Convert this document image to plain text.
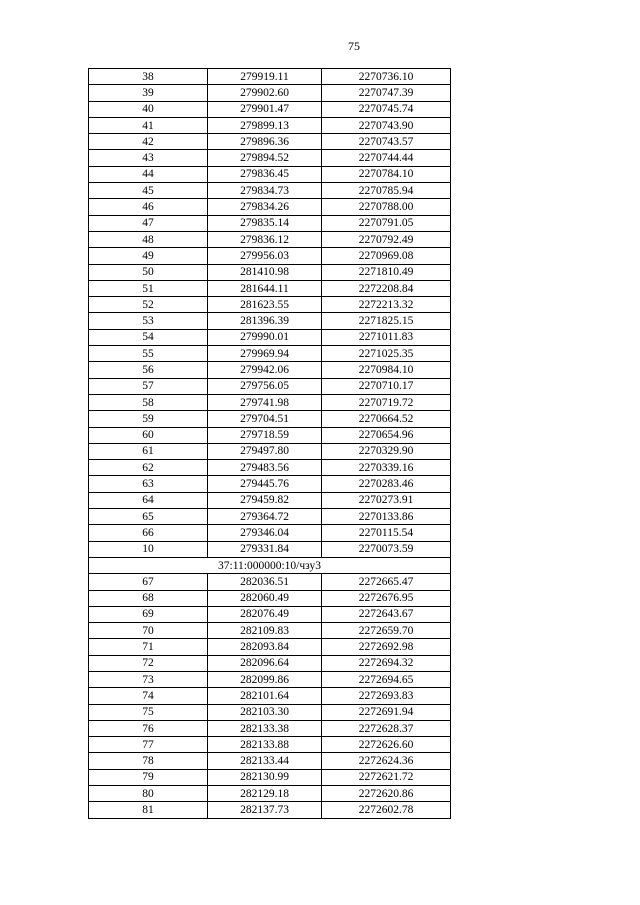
75
38	279919.11	2270736.10
39	279902.60	2270747.39
40	279901.47	2270745.74
41	279899.13	2270743.90
42	279896.36	2270743.57
43	279894.52	2270744.44
44	279836.45	2270784.10
45	279834.73	2270785.94
46	279834.26	2270788.00
47	279835.14	2270791.05
48	279836.12	2270792.49
49	279956.03	2270969.08
50	281410.98	2271810.49
51	281644.11	2272208.84
52	281623.55	2272213.32
53	281396.39	2271825.15
54	279990.01	2271011.83
55	279969.94	2271025.35
56	279942.06	2270984.10
57	279756.05	2270710.17
58	279741.98	2270719.72
59	279704.51	2270664.52
60	279718.59	2270654.96
61	279497.80	2270329.90
62	279483.56	2270339.16
63	279445.76	2270283.46
64	279459.82	2270273.91
65	279364.72	2270133.86
66	279346.04	2270115.54
10	279331.84	2270073.59
37:11:000000:10/чзу3		
67	282036.51	2272665.47
68	282060.49	2272676.95
69	282076.49	2272643.67
70	282109.83	2272659.70
71	282093.84	2272692.98
72	282096.64	2272694.32
73	282099.86	2272694.65
74	282101.64	2272693.83
75	282103.30	2272691.94
76	282133.38	2272628.37
77	282133.88	2272626.60
78	282133.44	2272624.36
79	282130.99	2272621.72
80	282129.18	2272620.86
81	282137.73	2272602.78
